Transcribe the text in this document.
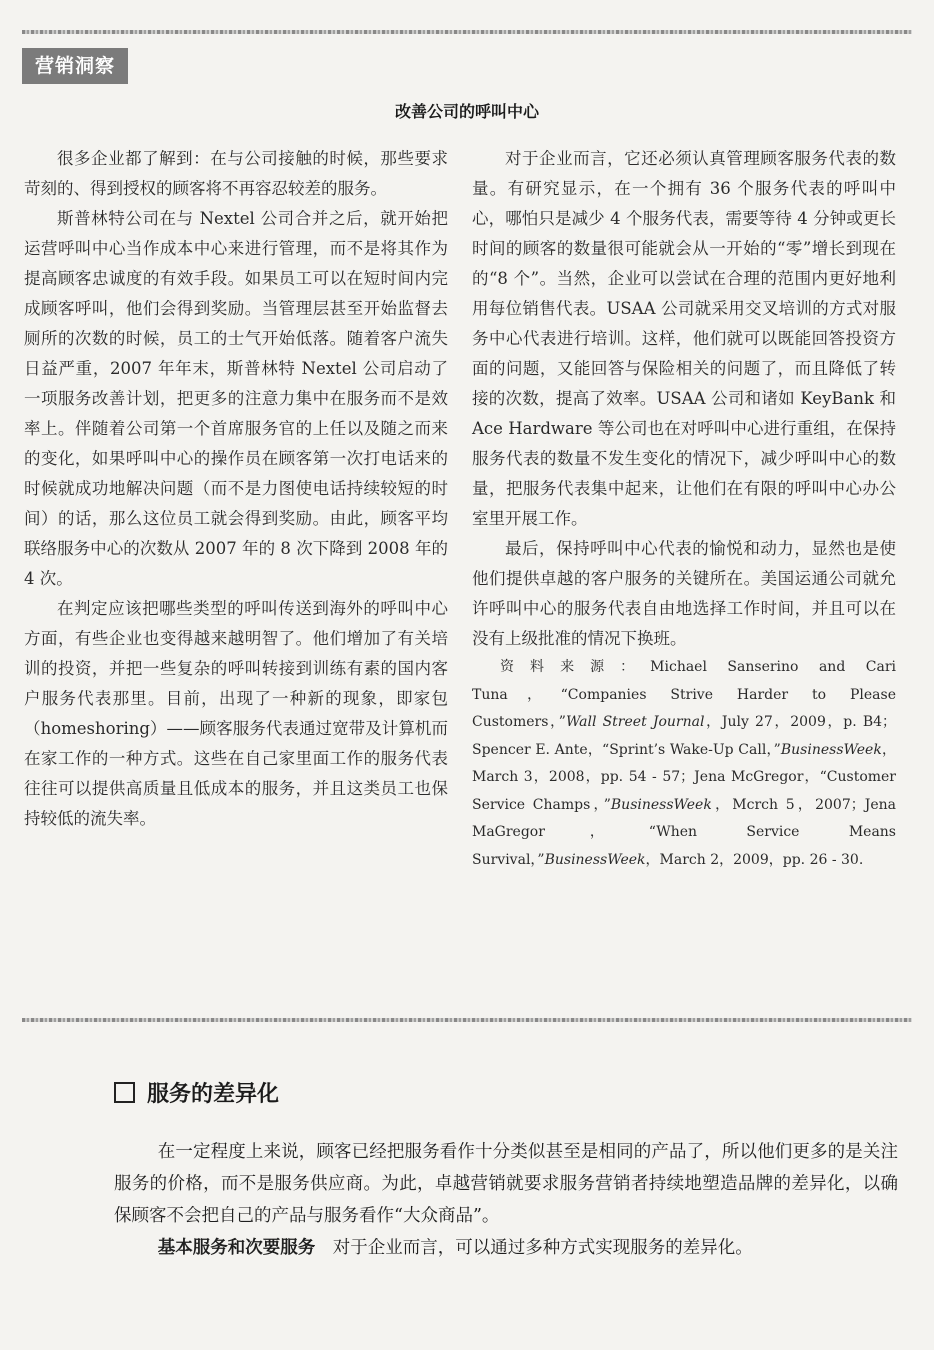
营销洞察
改善公司的呼叫中心

很多企业都了解到：在与公司接触的时候，那些要求苛刻的、得到授权的顾客将不再容忍较差的服务。

斯普林特公司在与 Nextel 公司合并之后，就开始把运营呼叫中心当作成本中心来进行管理，而不是将其作为提高顾客忠诚度的有效手段。如果员工可以在短时间内完成顾客呼叫，他们会得到奖励。当管理层甚至开始监督去厕所的次数的时候，员工的士气开始低落。随着客户流失日益严重，2007 年年末，斯普林特 Nextel 公司启动了一项服务改善计划，把更多的注意力集中在服务而不是效率上。伴随着公司第一个首席服务官的上任以及随之而来的变化，如果呼叫中心的操作员在顾客第一次打电话来的时候就成功地解决问题（而不是力图使电话持续较短的时间）的话，那么这位员工就会得到奖励。由此，顾客平均联络服务中心的次数从 2007 年的 8 次下降到 2008 年的 4 次。

在判定应该把哪些类型的呼叫传送到海外的呼叫中心方面，有些企业也变得越来越明智了。他们增加了有关培训的投资，并把一些复杂的呼叫转接到训练有素的国内客户服务代表那里。目前，出现了一种新的现象，即家包（homeshoring）——顾客服务代表通过宽带及计算机而在家工作的一种方式。这些在自己家里面工作的服务代表往往可以提供高质量且低成本的服务，并且这类员工也保持较低的流失率。

对于企业而言，它还必须认真管理顾客服务代表的数量。有研究显示，在一个拥有 36 个服务代表的呼叫中心，哪怕只是减少 4 个服务代表，需要等待 4 分钟或更长时间的顾客的数量很可能就会从一开始的“零”增长到现在的“8 个”。当然，企业可以尝试在合理的范围内更好地利用每位销售代表。USAA 公司就采用交叉培训的方式对服务中心代表进行培训。这样，他们就可以既能回答投资方面的问题，又能回答与保险相关的问题了，而且降低了转接的次数，提高了效率。USAA 公司和诸如 KeyBank 和 Ace Hardware 等公司也在对呼叫中心进行重组，在保持服务代表的数量不发生变化的情况下，减少呼叫中心的数量，把服务代表集中起来，让他们在有限的呼叫中心办公室里开展工作。

最后，保持呼叫中心代表的愉悦和动力，显然也是使他们提供卓越的客户服务的关键所在。美国运通公司就允许呼叫中心的服务代表自由地选择工作时间，并且可以在没有上级批准的情况下换班。

资料来源：Michael Sanserino and Cari Tuna，“Companies Strive Harder to Please Customers，”Wall Street Journal，July 27，2009，p. B4；Spencer E. Ante，“Sprint’s Wake-Up Call，”BusinessWeek，March 3，2008，pp. 54 - 57；Jena McGregor，“Customer Service Champs，”BusinessWeek，Mcrch 5，2007；Jena MaGregor，“When Service Means Survival，”BusinessWeek，March 2，2009，pp. 26 - 30.

服务的差异化

在一定程度上来说，顾客已经把服务看作十分类似甚至是相同的产品了，所以他们更多的是关注服务的价格，而不是服务供应商。为此，卓越营销就要求服务营销者持续地塑造品牌的差异化，以确保顾客不会把自己的产品与服务看作“大众商品”。

基本服务和次要服务 对于企业而言，可以通过多种方式实现服务的差异化。
